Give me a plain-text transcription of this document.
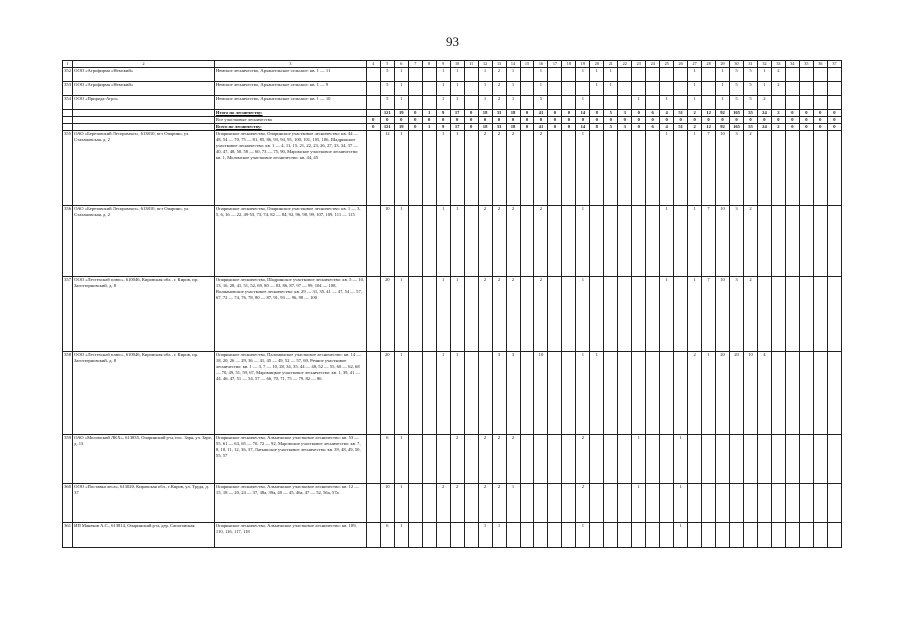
93
1	2	3	4	5	6	7	8	9	10	11	12	13	14	15	16	17	18	19	20	21	22	23	24	25	26	27	28	29	30	31	32	33	34	35	36	37
352	ООО «Агрофирма «Немский»	Немское лесничество, Архангельское сельское: кв. 1 — 11		5	1			1	1		1	2	1		1			1	1	1						1		1	5	5	1	2				
353	ООО «Агрофирма «Немский»	Немское лесничество, Архангельское сельское: кв. 1 — 9		5	1			1	1		1	2	1		1				1	1						1		1	5	5	1	2				
354	ООО «Природа-Агро»	Немское лесничество, Архангельское сельское: кв. 1 — 10		5	1			1	1		1	2	1		5			1				1		1		1		1	5	5	2					
		Итого по лесничеству:		121	19	0	1	9	17	0	18	33	18	0	41	0	0	14	8	5	3	0	6	4	51	2	12	92	165	55	24	2	0	0	0	0
		Все участковые лесничества	0	0	0	0	0	0	0	0	0	0	0	0	0	0	0	0	0	0	0	0	0	0	0	0	0	0	0	0	0	0	0	0	0	0
		Всего по лесничеству:	0	121	19	0	1	9	17	0	18	33	18	0	41	0	0	14	8	5	3	0	6	4	51	2	12	92	165	55	24	2	0	0	0	0
355	ОАО «Березовский Леспромхоз», 613810, пгт Опарино, ул. Стахановская, д. 2	Опаринское лесничество, Опаринское участковое лесничество: кв. 44 — 48, 54 — 70, 75 — 81, 85, 86, 93, 94, 95, 100, 101, 105, 106, Шадринское участковое лесничество: кв. 1 — 4, 11, 15, 21, 22, 23, 26, 27, 33, 34, 37 — 40, 47, 48, 50, 58 — 60, 73 — 75, 90, Маромское участковое лесничество: кв. 1, Моломское участковое лесничество: кв. 44, 45		12	1			1	1		2	2	2		2			1						1		1	7	10	3	2						
356	ОАО «Березовский Леспромхоз», 613810, пгт Опарино, ул. Стахановская, д. 2	Опаринское лесничество, Опаринское участковое лесничество: кв. 1 — 3, 5, 6, 16 — 22, 49-53, 73, 74, 82 — 84, 92, 96, 98, 99, 107, 109, 111 — 115		10	1			1	1		2	2	2		2			1						1		1	7	10	3	2						
357	ООО «Лестехснаб плюс», 610046, Кировская обл., г. Киров, пр. Заготзерновский, д. 8	Опаринское лесничество, Шадринское участковое лесничество: кв. 5 — 10, 13, 16, 28, 41, 51, 52, 69, 80 — 83, 86, 87, 97 — 99, 104 — 108, Волмановское участковое лесничество: кв. 29 — 31, 35, 41 — 47, 54 — 57, 67, 72 — 74, 76, 78, 80 — 87, 91, 93 — 96, 98 — 100		20	1			1	1		2	2	2		2			1						1		1	7	10	3	2						
358	ООО «Лестехснаб плюс», 610046, Кировская обл., г. Киров, пр. Заготзерновский, д. 8	Опаринское лесничество, Паломинское участковое лесничество: кв. 14 — 18, 20, 26 — 29, 36 — 41, 45 — 49, 52 — 57, 69, Речное участковое лесничество: кв. 1 — 3, 7 — 10, 28, 34, 35, 44 — 48, 52 — 55, 60 — 62, 68 — 70, 49, 51, 59, 67, Маромицкое участковое лесничество: кв. 1, 39, 41 — 44, 46, 47, 51 — 54, 57 — 66, 70, 71, 75 — 79, 82 — 86		20	1			1	1			3	3		10			1	1							2	1	20	20	10	4					
359	ОАО «Моломский ЛКХ», 613835, Опаринский р-н, пос. Заря, ул. Заре, д. 13	Опаринское лесничество, Альмежское участковое лесничество: кв. 53 — 55, 61 — 63, 65 — 70, 72 — 92, Маромское участковое лесничество: кв. 7, 8, 10, 11, 12, 36, 37, Латышское участковое лесничество: кв. 39, 48, 49, 50, 55, 57		6	1				2		2	2	2					2				1			1											
360	ООО «Поставка леса», 613020, Кировская обл., г.Киров, ул. Труда, д. 37	Опаринское лесничество, Альмежское участковое лесничество: кв. 12 — 15, 18 — 20, 24 — 37, 38а, 39а, 40 — 45, 46а, 47 — 52, 56а, 57а		10	1			2	2		2	2	1					2				1			1											
361	ИП Манеков А.С., 613814, Опаринский р-н, дер. Сапоговская	Опаринское лесничество, Альмежское участковое лесничество: кв. 109, 110, 116, 117, 118		6	1						1	1						1							1											
